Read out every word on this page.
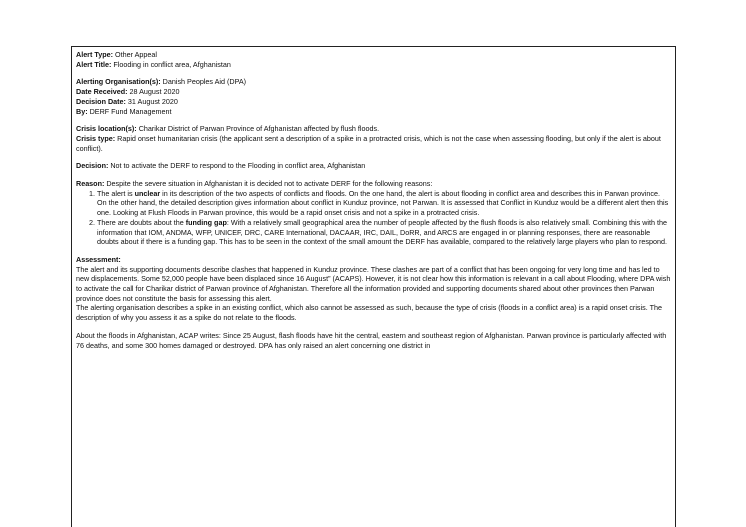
Alert Type: Other Appeal

Alert Title: Flooding in conflict area, Afghanistan

Alerting Organisation(s): Danish Peoples Aid (DPA)

Date Received: 28 August 2020

Decision Date: 31 August 2020

By: DERF Fund Management

Crisis location(s): Charikar District of Parwan Province of Afghanistan affected by flush floods.

Crisis type: Rapid onset humanitarian crisis (the applicant sent a description of a spike in a protracted crisis, which is not the case when assessing flooding, but only if the alert is about conflict).

Decision: Not to activate the DERF to respond to the Flooding in conflict area, Afghanistan

Reason: Despite the severe situation in Afghanistan it is decided not to activate DERF for the following reasons:

1. The alert is unclear in its description of the two aspects of conflicts and floods. On the one hand, the alert is about flooding in conflict area and describes this in Parwan province. On the other hand, the detailed description gives information about conflict in Kunduz province, not Parwan. It is assessed that Conflict in Kunduz would be a different alert then this one. Looking at Flush Floods in Parwan province, this would be a rapid onset crisis and not a spike in a protracted crisis.
2. There are doubts about the funding gap: With a relatively small geographical area the number of people affected by the flush floods is also relatively small. Combining this with the information that IOM, ANDMA, WFP, UNICEF, DRC, CARE International, DACAAR, IRC, DAIL, DoRR, and ARCS are engaged in or planning responses, there are reasonable doubts about if there is a funding gap. This has to be seen in the context of the small amount the DERF has available, compared to the relatively large players who plan to respond.

Assessment:

The alert and its supporting documents describe clashes that happened in Kunduz province. These clashes are part of a conflict that has been ongoing for very long time and has led to new displacements. Some 52,000 people have been displaced since 16 August” (ACAPS). However, it is not clear how this information is relevant in a call about Flooding, where DPA wish to activate the call for Charikar district of Parwan province of Afghanistan. Therefore all the information provided and supporting documents shared about other provinces then Parwan province does not constitute the basis for assessing this alert.

The alerting organisation describes a spike in an existing conflict, which also cannot be assessed as such, because the type of crisis (floods in a conflict area) is a rapid onset crisis. The description of why you assess it as a spike do not relate to the floods.

About the floods in Afghanistan, ACAP writes: Since 25 August, flash floods have hit the central, eastern and southeast region of Afghanistan. Parwan province is particularly affected with 76 deaths, and some 300 homes damaged or destroyed. DPA has only raised an alert concerning one district in
